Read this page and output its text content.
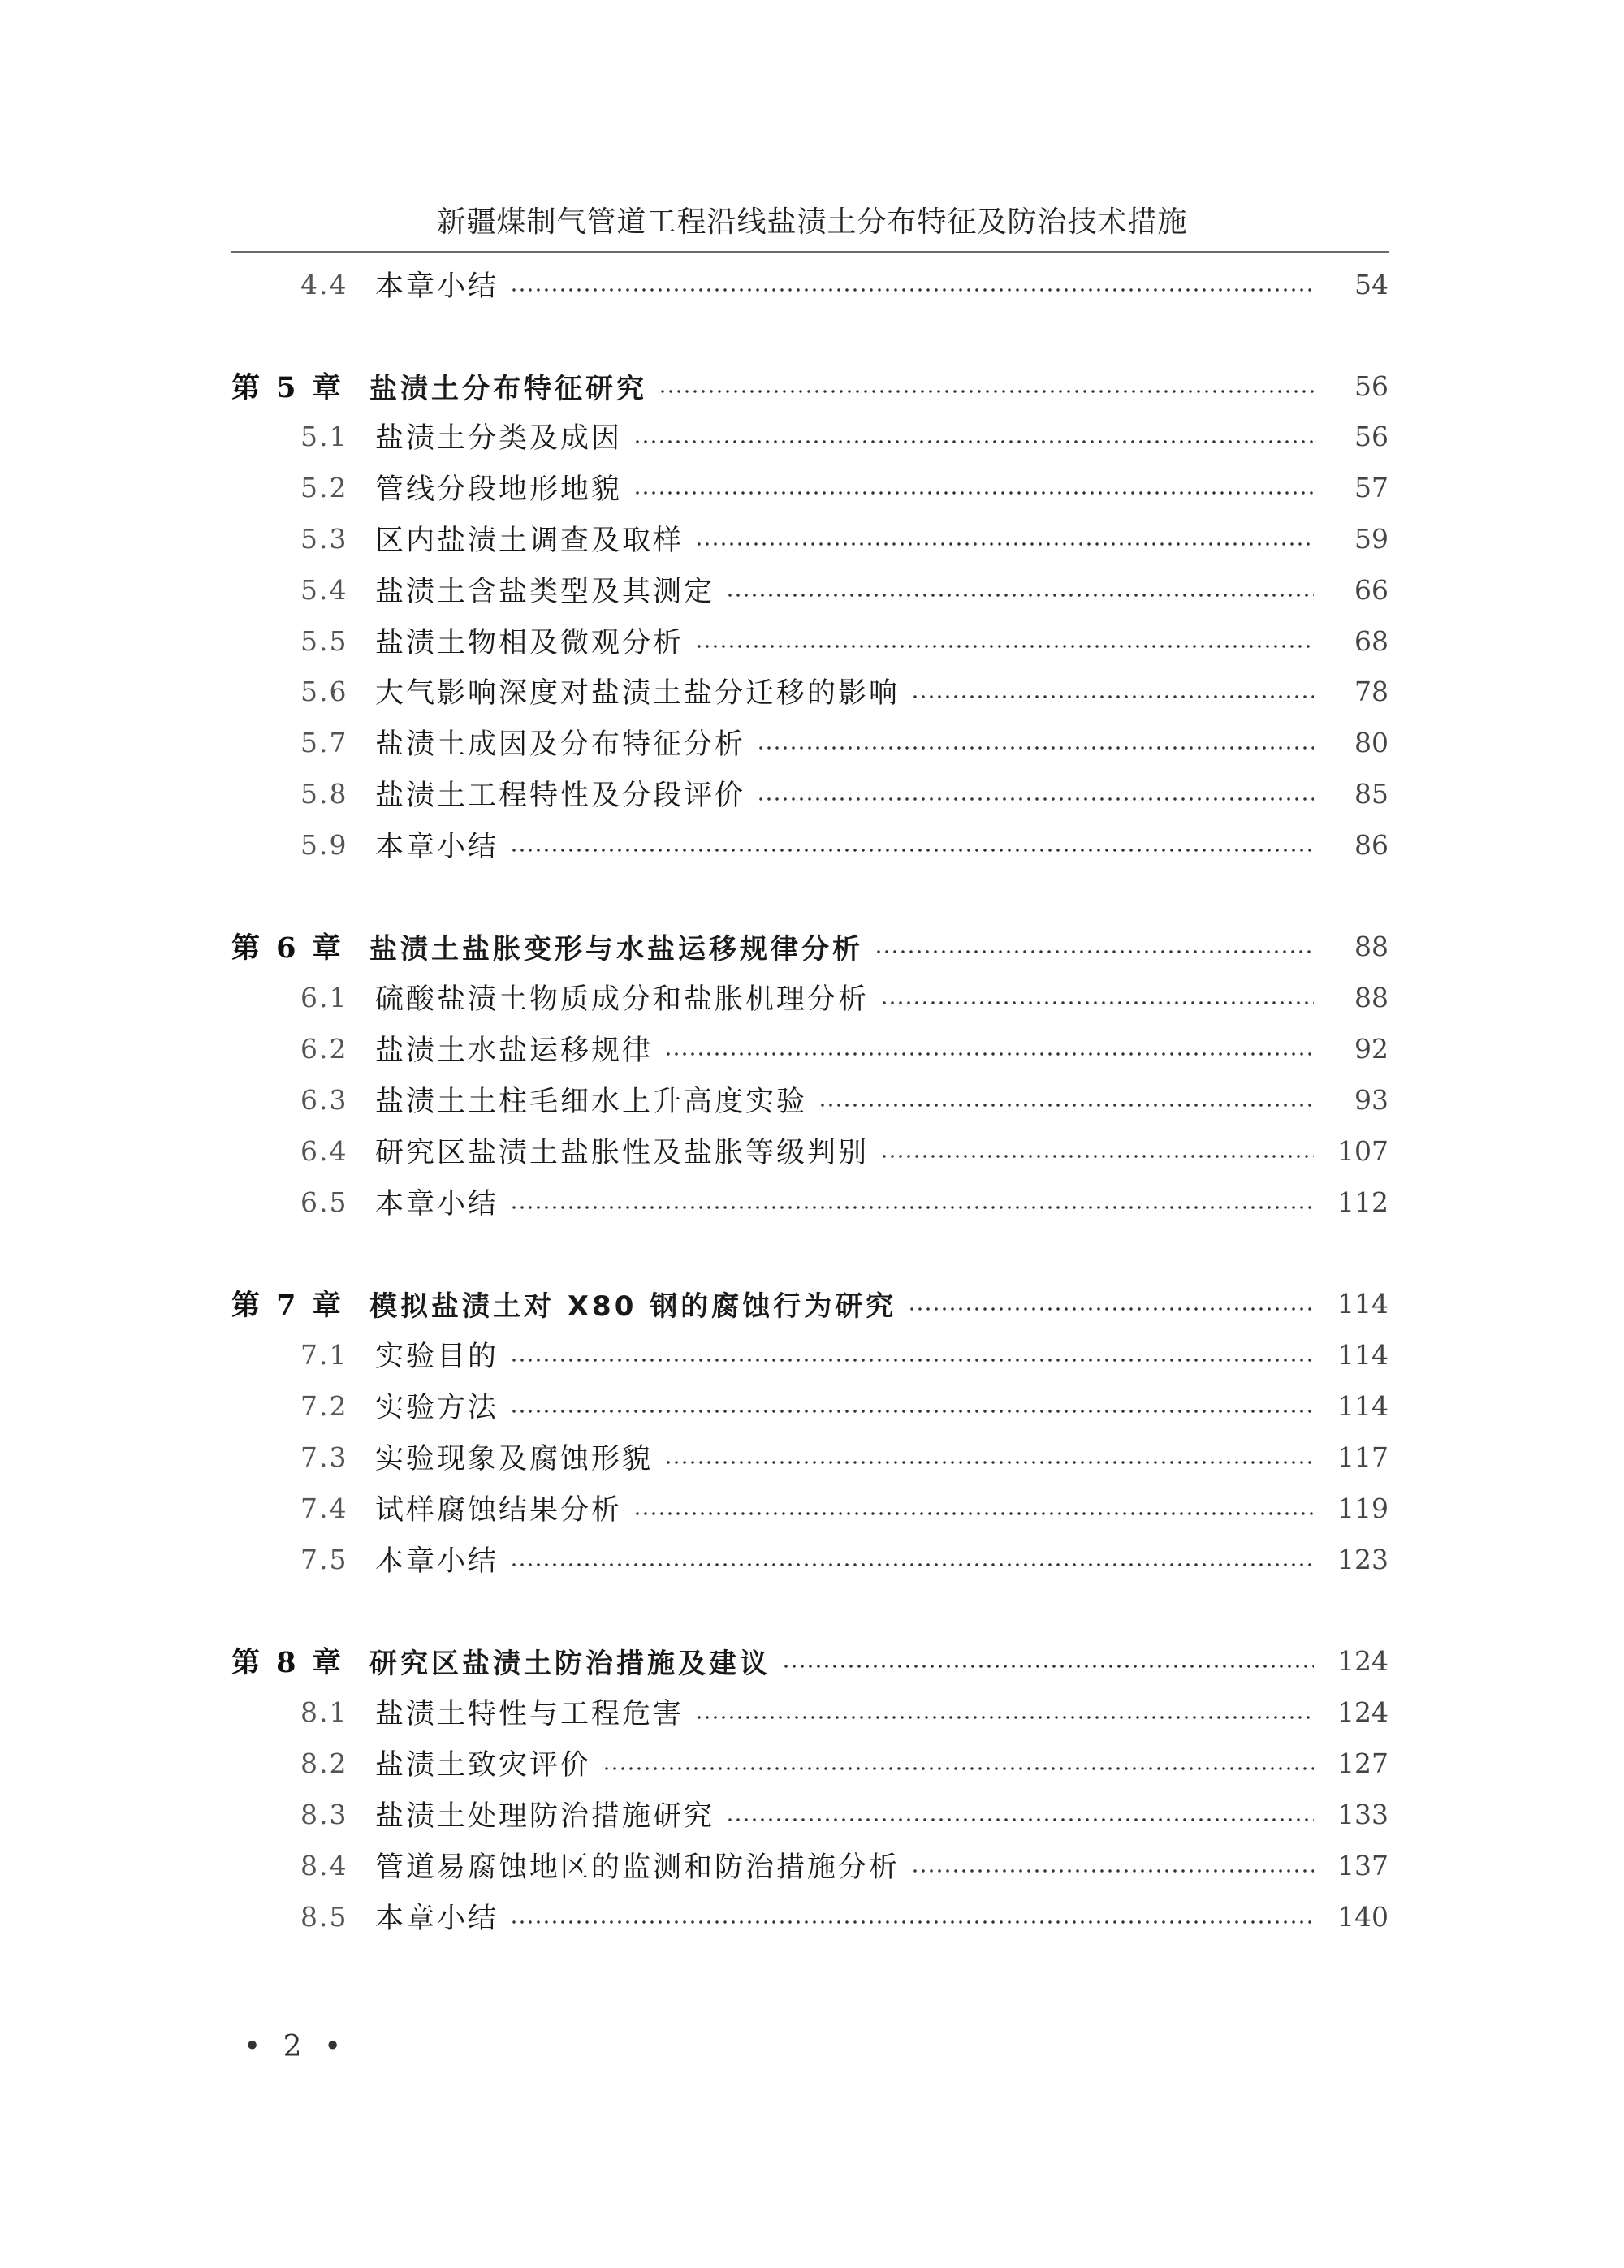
新疆煤制气管道工程沿线盐渍土分布特征及防治技术措施
4.4 本章小结	54
第 5 章 盐渍土分布特征研究	56
5.1 盐渍土分类及成因	56
5.2 管线分段地形地貌	57
5.3 区内盐渍土调查及取样	59
5.4 盐渍土含盐类型及其测定	66
5.5 盐渍土物相及微观分析	68
5.6 大气影响深度对盐渍土盐分迁移的影响	78
5.7 盐渍土成因及分布特征分析	80
5.8 盐渍土工程特性及分段评价	85
5.9 本章小结	86
第 6 章 盐渍土盐胀变形与水盐运移规律分析	88
6.1 硫酸盐渍土物质成分和盐胀机理分析	88
6.2 盐渍土水盐运移规律	92
6.3 盐渍土土柱毛细水上升高度实验	93
6.4 研究区盐渍土盐胀性及盐胀等级判别	107
6.5 本章小结	112
第 7 章 模拟盐渍土对 X80 钢的腐蚀行为研究	114
7.1 实验目的	114
7.2 实验方法	114
7.3 实验现象及腐蚀形貌	117
7.4 试样腐蚀结果分析	119
7.5 本章小结	123
第 8 章 研究区盐渍土防治措施及建议	124
8.1 盐渍土特性与工程危害	124
8.2 盐渍土致灾评价	127
8.3 盐渍土处理防治措施研究	133
8.4 管道易腐蚀地区的监测和防治措施分析	137
8.5 本章小结	140
• 2 •
